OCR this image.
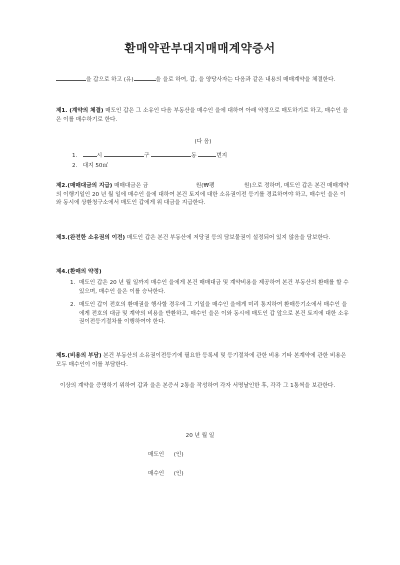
환매약관부대지매매계약증서
을 갑으로 하고 (유)	을 을로 하여, 갑, 을 양당사자는 다음과 같은 내용의 매매계약을 체결한다.
제1. (계약의 체결) 매도인 갑은 그 소유인 다음 부동산을 매수인 을에 대하여 아래 약정으로 매도하기로 하고, 매수인 을은 이를 매수하기로 한다.
(다 음)
1.	시	구	동	번지
2. 대지 50㎡
제2.(매매대금의 지급) 매매대금은 금	원(₩팽	원)으로 정하며, 매도인 갑은 본건 매매계약의 이행기일인 20 년 월 일에 매수인 을에 대하여 본건 토지에 대한 소유권이전 등기를 경료하여야 하고, 매수인 을은 이와 동시에 상환청구소에서 매도인 갑에게 위 대금을 지급한다.
제3.(완전한 소유권의 이전) 매도인 갑은 본건 부동산에 저당권 등의 담보물권이 설정되어 있지 않음을 담보한다.
제4.(환매의 약정)
1. 매도인 갑은 20 년 월 일까지 매수인 을에게 본건 매매대금 및 계약비용을 제공하여 본건 부동산의 환매를 할 수 있으며, 매수인 을은 이를 승낙한다.
2. 매도인 갑이 전호의 환매권을 행사할 경우에 그 기일을 매수인 을에게 미리 통지하여 환매등기소에서 매수인 을에게 전호의 대금 및 계약의 비용을 반환하고, 매수인 을은 이와 동시에 매도인 갑 앞으로 본건 토지에 대한 소유권이전등기절차를 이행하여야 한다.
제5.(비용의 부담) 본건 부동산의 소유권이전등기에 필요한 등록세 및 등기절차에 관한 비용 기타 본계약에 관한 비용은 모두 매수인이 이를 부담한다.
이상의 계약을 증명하기 위하여 갑과 을은 본증서 2통을 작성하여 각자 서명날인한 후, 각각 그 1통씩을 보관한다.
20 년 월 일
매도인 (인)
매수인 (인)
